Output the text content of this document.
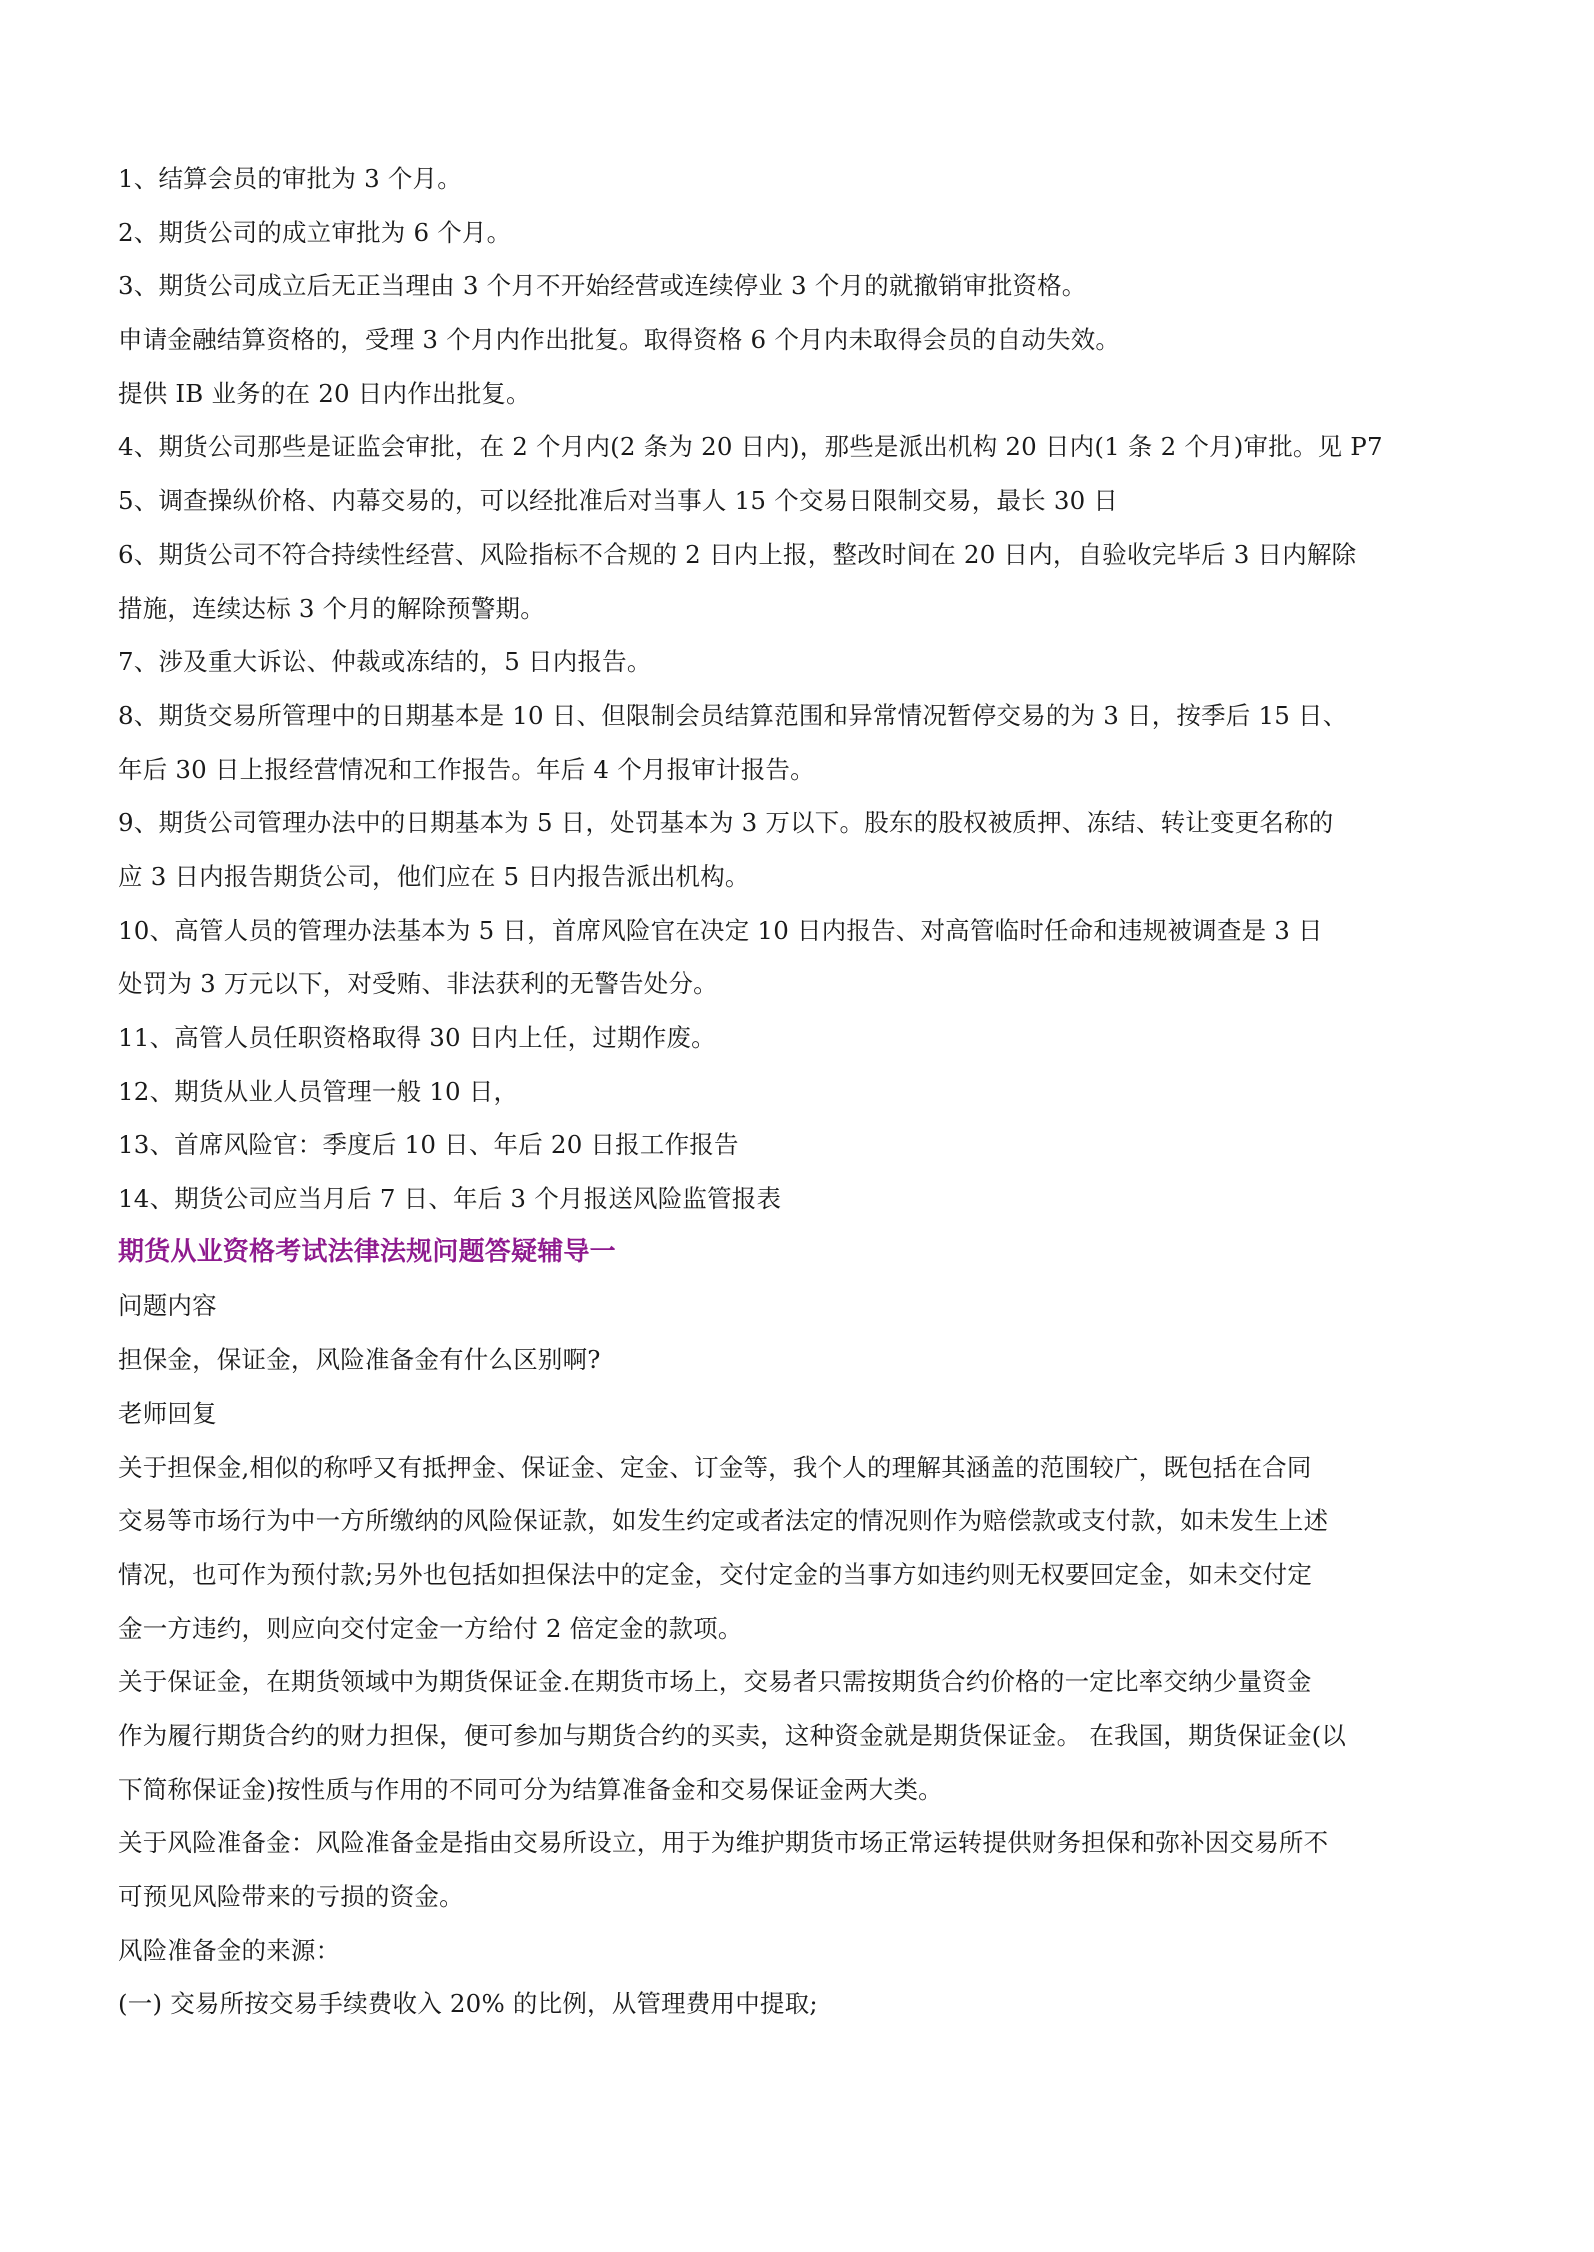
1、结算会员的审批为 3 个月。
2、期货公司的成立审批为 6 个月。
3、期货公司成立后无正当理由 3 个月不开始经营或连续停业 3 个月的就撤销审批资格。
申请金融结算资格的，受理 3 个月内作出批复。取得资格 6 个月内未取得会员的自动失效。
提供 IB 业务的在 20 日内作出批复。
4、期货公司那些是证监会审批，在 2 个月内(2 条为 20 日内)，那些是派出机构 20 日内(1 条 2 个月)审批。见 P7
5、调查操纵价格、内幕交易的，可以经批准后对当事人 15 个交易日限制交易，最长 30 日
6、期货公司不符合持续性经营、风险指标不合规的 2 日内上报，整改时间在 20 日内，自验收完毕后 3 日内解除
措施，连续达标 3 个月的解除预警期。
7、涉及重大诉讼、仲裁或冻结的，5 日内报告。
8、期货交易所管理中的日期基本是 10 日、但限制会员结算范围和异常情况暂停交易的为 3 日，按季后 15 日、
年后 30 日上报经营情况和工作报告。年后 4 个月报审计报告。
9、期货公司管理办法中的日期基本为 5 日，处罚基本为 3 万以下。股东的股权被质押、冻结、转让变更名称的
应 3 日内报告期货公司，他们应在 5 日内报告派出机构。
10、高管人员的管理办法基本为 5 日，首席风险官在决定 10 日内报告、对高管临时任命和违规被调查是 3 日
处罚为 3 万元以下，对受贿、非法获利的无警告处分。
11、高管人员任职资格取得 30 日内上任，过期作废。
12、期货从业人员管理一般 10 日，
13、首席风险官：季度后 10 日、年后 20 日报工作报告
14、期货公司应当月后 7 日、年后 3 个月报送风险监管报表
期货从业资格考试法律法规问题答疑辅导一
问题内容
担保金，保证金，风险准备金有什么区别啊?
老师回复
关于担保金,相似的称呼又有抵押金、保证金、定金、订金等，我个人的理解其涵盖的范围较广，既包括在合同
交易等市场行为中一方所缴纳的风险保证款，如发生约定或者法定的情况则作为赔偿款或支付款，如未发生上述
情况，也可作为预付款;另外也包括如担保法中的定金，交付定金的当事方如违约则无权要回定金，如未交付定
金一方违约，则应向交付定金一方给付 2 倍定金的款项。
关于保证金，在期货领域中为期货保证金.在期货市场上，交易者只需按期货合约价格的一定比率交纳少量资金
作为履行期货合约的财力担保，便可参加与期货合约的买卖，这种资金就是期货保证金。 在我国，期货保证金(以
下简称保证金)按性质与作用的不同可分为结算准备金和交易保证金两大类。
关于风险准备金：风险准备金是指由交易所设立，用于为维护期货市场正常运转提供财务担保和弥补因交易所不
可预见风险带来的亏损的资金。
风险准备金的来源：
(一) 交易所按交易手续费收入 20% 的比例，从管理费用中提取;
